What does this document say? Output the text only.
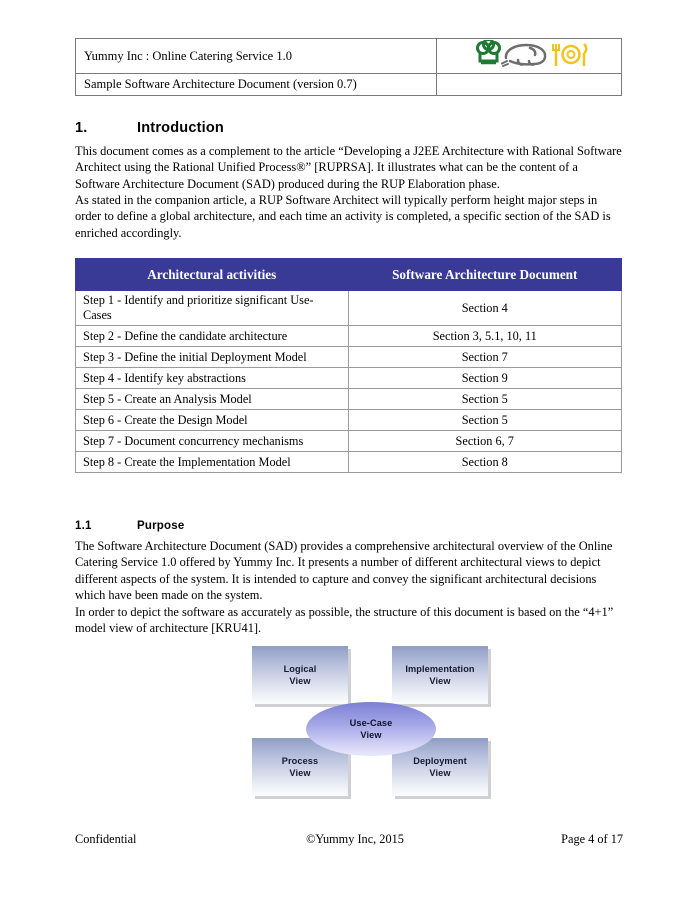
Yummy Inc : Online Catering Service 1.0	

Sample Software Architecture Document (version 0.7)	
1.	Introduction
This document comes as a complement to the article “Developing a J2EE Architecture with Rational Software Architect using the Rational Unified Process®” [RUPRSA]. It illustrates what can be the content of a Software Architecture Document (SAD) produced during the RUP Elaboration phase.
As stated in the companion article, a RUP Software Architect will typically perform height major steps in order to define a global architecture, and each time an activity is completed, a specific section of the SAD is enriched accordingly.
Architectural activities	Software Architecture Document
Step 1 - Identify and prioritize significant Use-Cases	Section 4
Step 2 - Define the candidate architecture	Section 3, 5.1, 10, 11
Step 3 - Define the initial Deployment Model	Section 7
Step 4 - Identify key abstractions	Section 9
Step 5 - Create an Analysis Model	Section 5
Step 6 - Create the Design Model	Section 5
Step 7 - Document concurrency mechanisms	Section 6, 7
Step 8 - Create the Implementation Model	Section 8
1.1	Purpose
The Software Architecture Document (SAD) provides a comprehensive architectural overview of the Online Catering Service 1.0 offered by Yummy Inc. It presents a number of different architectural views to depict different aspects of the system. It is intended to capture and convey the significant architectural decisions which have been made on the system.
In order to depict the software as accurately as possible, the structure of this document is based on the “4+1” model view of architecture [KRU41].
Logical
View
Implementation
View
Process
View
Deployment
View
Use-Case
View
Confidential	©Yummy Inc, 2015	Page 4 of 17
